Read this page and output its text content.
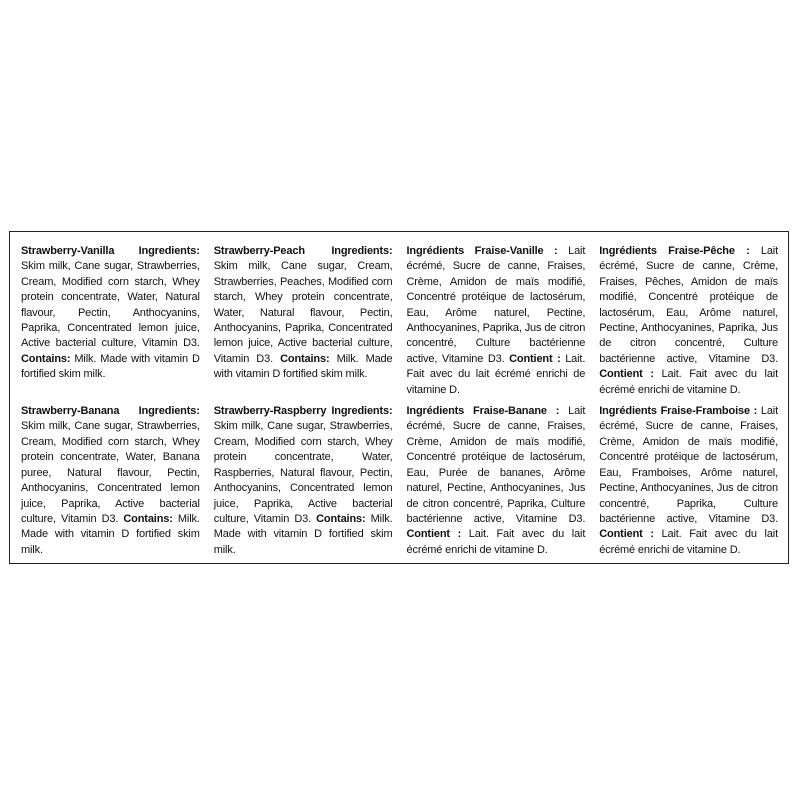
Strawberry-Vanilla Ingredients: Skim milk, Cane sugar, Strawberries, Cream, Modified corn starch, Whey protein concentrate, Water, Natural flavour, Pectin, Anthocyanins, Paprika, Concentrated lemon juice, Active bacterial culture, Vitamin D3. Contains: Milk. Made with vitamin D fortified skim milk.
Strawberry-Peach Ingredients: Skim milk, Cane sugar, Cream, Strawberries, Peaches, Modified corn starch, Whey protein concentrate, Water, Natural flavour, Pectin, Anthocyanins, Paprika, Concentrated lemon juice, Active bacterial culture, Vitamin D3. Contains: Milk. Made with vitamin D fortified skim milk.
Ingrédients Fraise-Vanille : Lait écrémé, Sucre de canne, Fraises, Crème, Amidon de maïs modifié, Concentré protéique de lactosérum, Eau, Arôme naturel, Pectine, Anthocyanines, Paprika, Jus de citron concentré, Culture bactérienne active, Vitamine D3. Contient : Lait. Fait avec du lait écrémé enrichi de vitamine D.
Ingrédients Fraise-Pêche : Lait écrémé, Sucre de canne, Crème, Fraises, Pêches, Amidon de maïs modifié, Concentré protéique de lactosérum, Eau, Arôme naturel, Pectine, Anthocyanines, Paprika, Jus de citron concentré, Culture bactérienne active, Vitamine D3. Contient : Lait. Fait avec du lait écrémé enrichi de vitamine D.
Strawberry-Banana Ingredients: Skim milk, Cane sugar, Strawberries, Cream, Modified corn starch, Whey protein concentrate, Water, Banana puree, Natural flavour, Pectin, Anthocyanins, Concentrated lemon juice, Paprika, Active bacterial culture, Vitamin D3. Contains: Milk. Made with vitamin D fortified skim milk.
Strawberry-Raspberry Ingredients: Skim milk, Cane sugar, Strawberries, Cream, Modified corn starch, Whey protein concentrate, Water, Raspberries, Natural flavour, Pectin, Anthocyanins, Concentrated lemon juice, Paprika, Active bacterial culture, Vitamin D3. Contains: Milk. Made with vitamin D fortified skim milk.
Ingrédients Fraise-Banane : Lait écrémé, Sucre de canne, Fraises, Crème, Amidon de maïs modifié, Concentré protéique de lactosérum, Eau, Purée de bananes, Arôme naturel, Pectine, Anthocyanines, Jus de citron concentré, Paprika, Culture bactérienne active, Vitamine D3. Contient : Lait. Fait avec du lait écrémé enrichi de vitamine D.
Ingrédients Fraise-Framboise : Lait écrémé, Sucre de canne, Fraises, Crème, Amidon de maïs modifié, Concentré protéique de lactosérum, Eau, Framboises, Arôme naturel, Pectine, Anthocyanines, Jus de citron concentré, Paprika, Culture bactérienne active, Vitamine D3. Contient : Lait. Fait avec du lait écrémé enrichi de vitamine D.
